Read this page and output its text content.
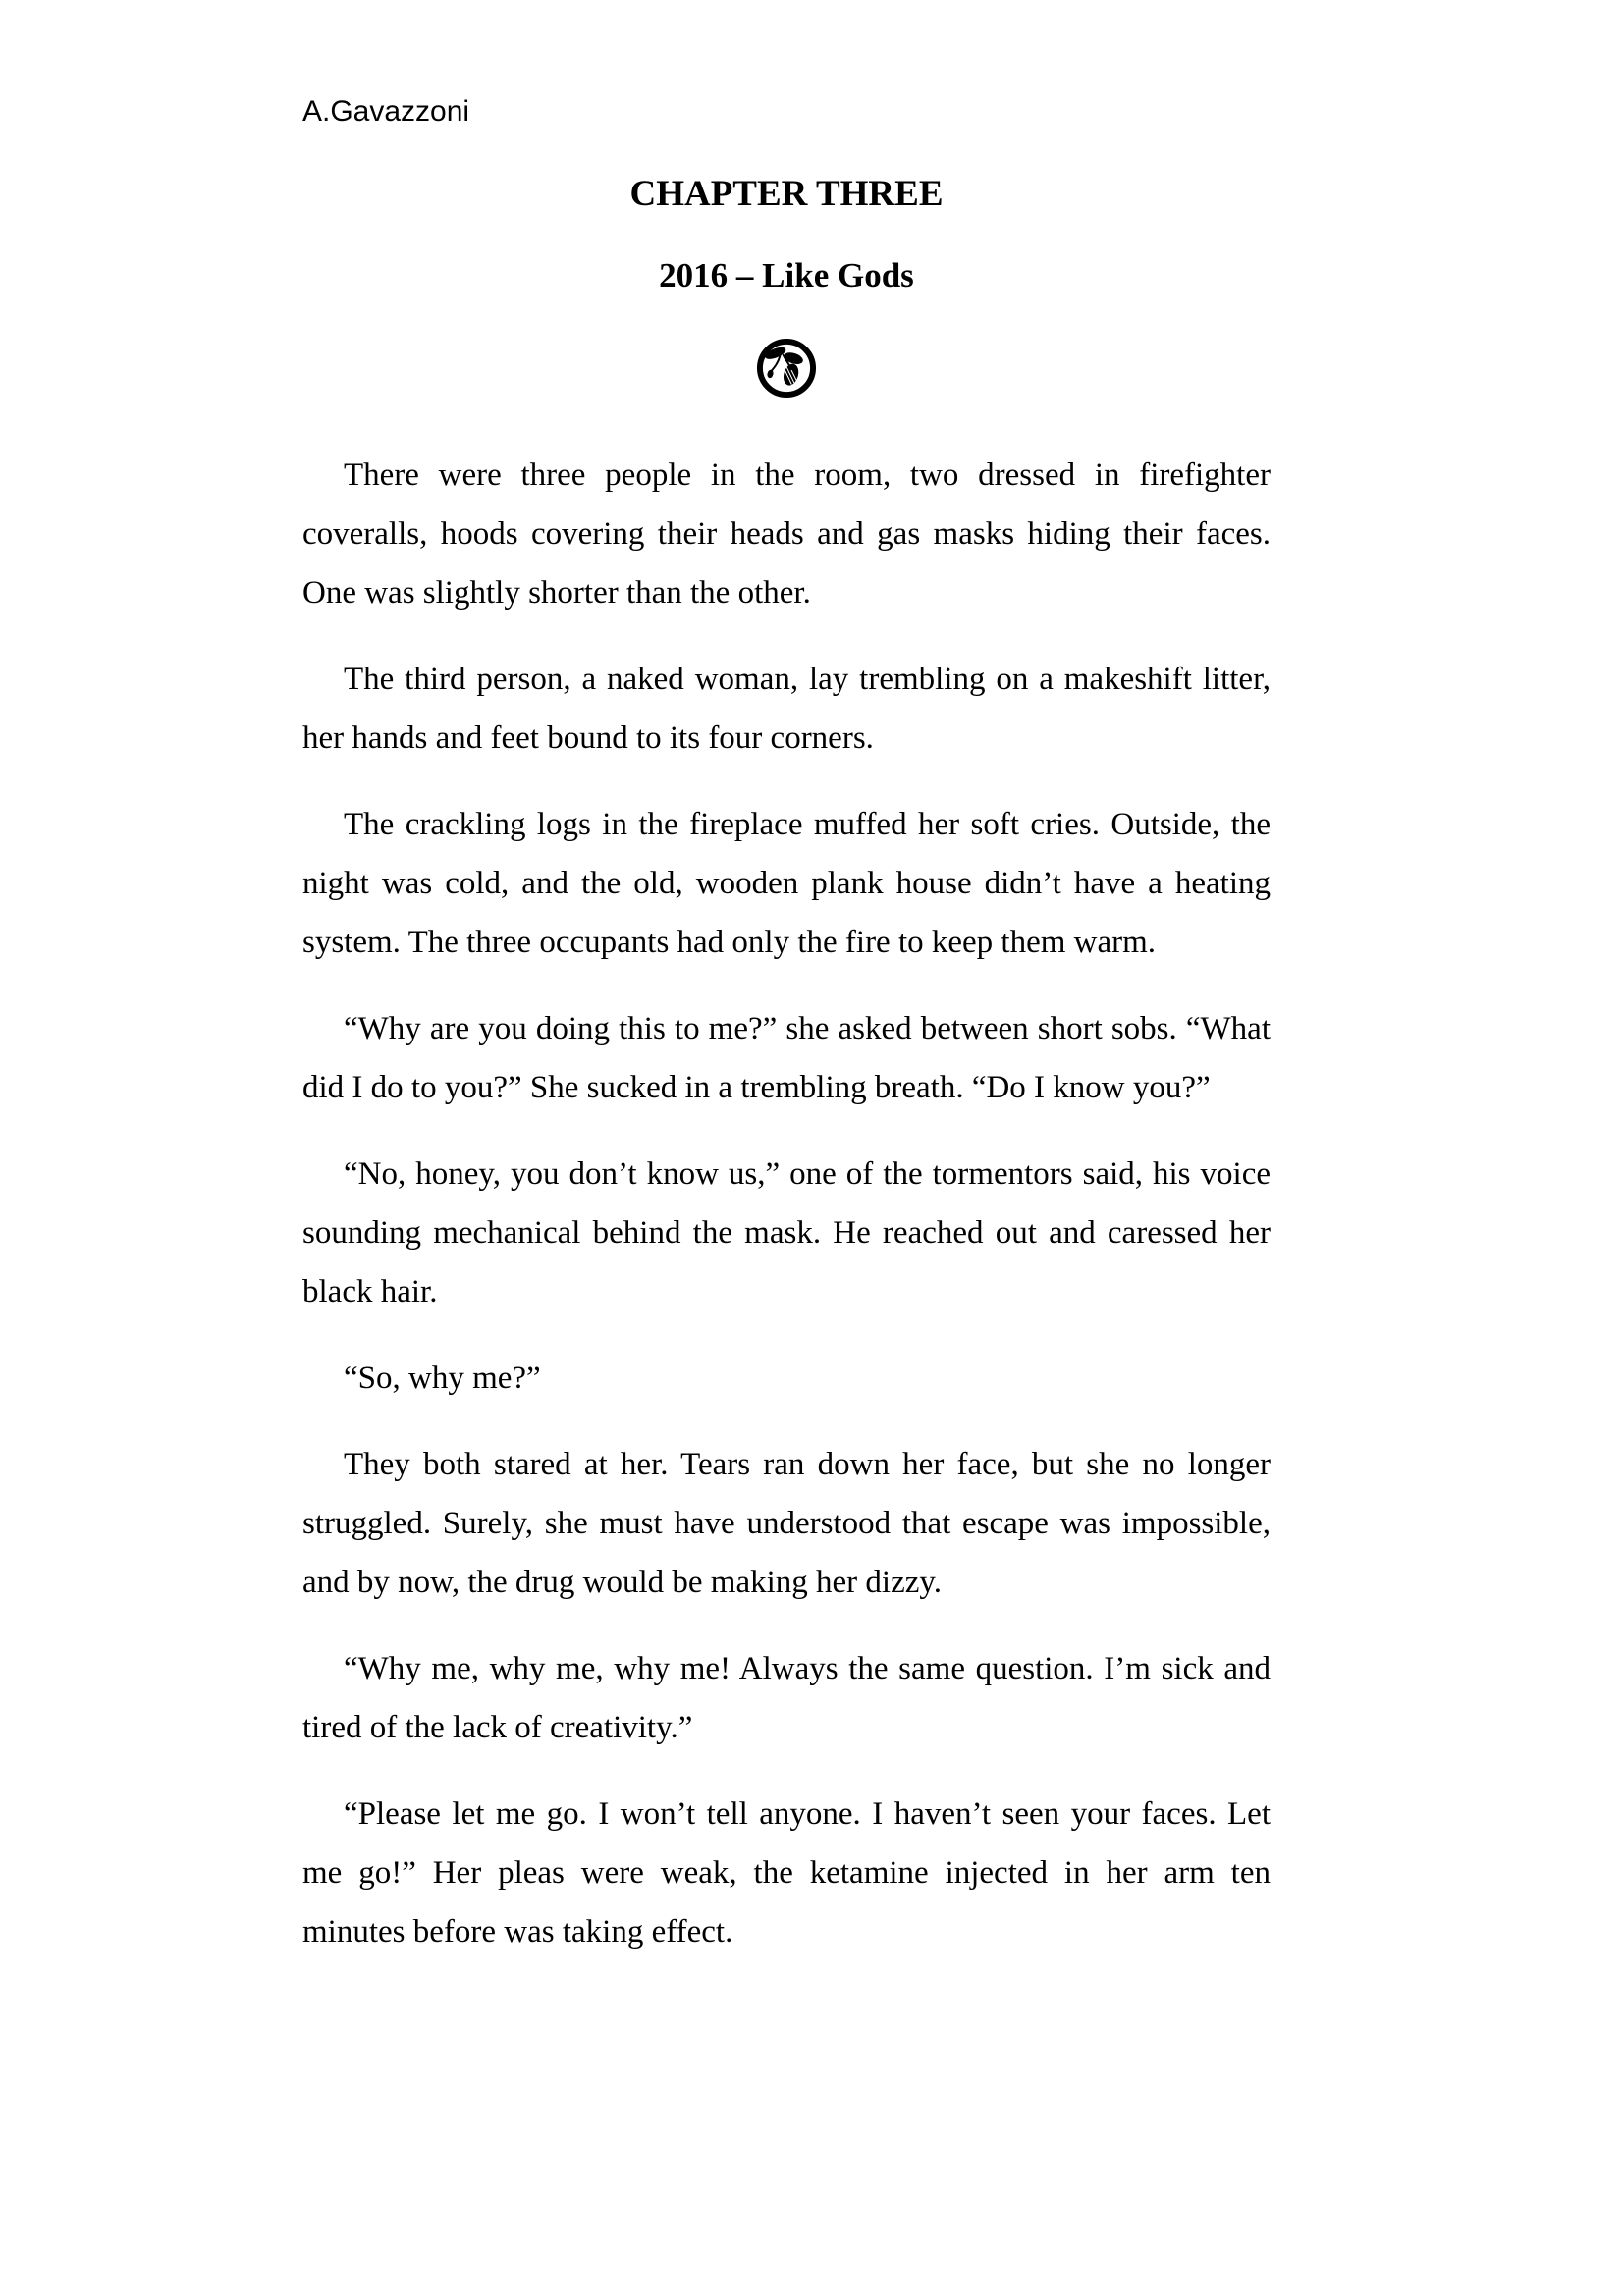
A.Gavazzoni
CHAPTER THREE
2016 – Like Gods

There were three people in the room, two dressed in firefighter coveralls, hoods covering their heads and gas masks hiding their faces. One was slightly shorter than the other.

The third person, a naked woman, lay trembling on a makeshift litter, her hands and feet bound to its four corners.

The crackling logs in the fireplace muffed her soft cries. Outside, the night was cold, and the old, wooden plank house didn’t have a heating system. The three occupants had only the fire to keep them warm.

“Why are you doing this to me?” she asked between short sobs. “What did I do to you?” She sucked in a trembling breath. “Do I know you?”

“No, honey, you don’t know us,” one of the tormentors said, his voice sounding mechanical behind the mask. He reached out and caressed her black hair.

“So, why me?”

They both stared at her. Tears ran down her face, but she no longer struggled. Surely, she must have understood that escape was impossible, and by now, the drug would be making her dizzy.

“Why me, why me, why me! Always the same question. I’m sick and tired of the lack of creativity.”

“Please let me go. I won’t tell anyone. I haven’t seen your faces. Let me go!” Her pleas were weak, the ketamine injected in her arm ten minutes before was taking effect.
